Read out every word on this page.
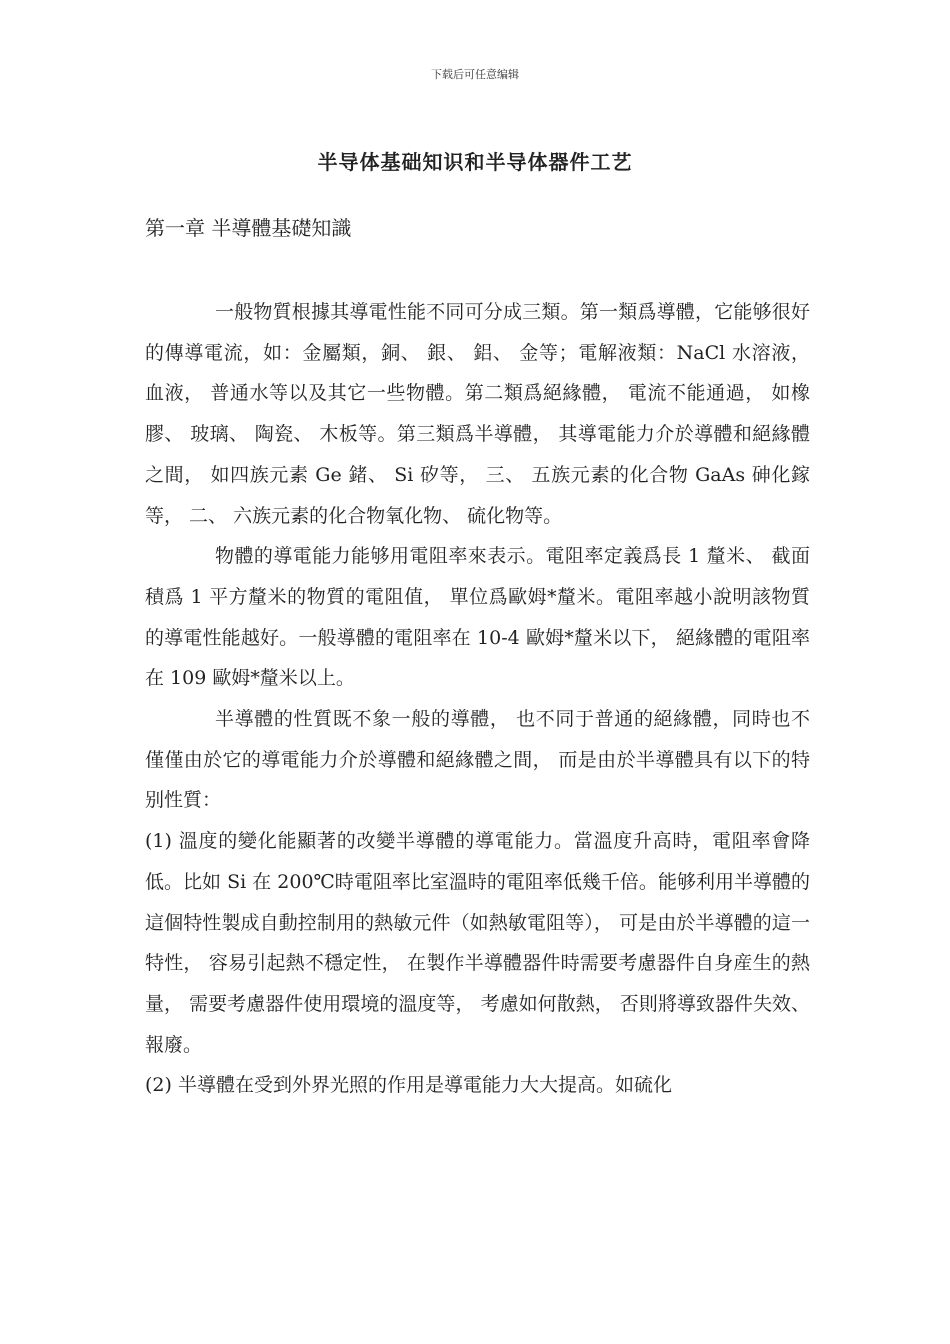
下载后可任意编辑
半导体基础知识和半导体器件工艺
第一章 半導體基礎知識

一般物質根據其導電性能不同可分成三類。第一類爲導體，它能够很好的傳導電流，如：金屬類，銅、 銀、 鋁、 金等；電解液類：NaCl 水溶液， 血液， 普通水等以及其它一些物體。第二類爲絕緣體， 電流不能通過， 如橡膠、 玻璃、 陶瓷、 木板等。第三類爲半導體， 其導電能力介於導體和絕緣體之間， 如四族元素 Ge 鍺、 Si 矽等， 三、 五族元素的化合物 GaAs 砷化鎵等， 二、 六族元素的化合物氧化物、 硫化物等。

物體的導電能力能够用電阻率來表示。電阻率定義爲長 1 釐米、 截面積爲 1 平方釐米的物質的電阻值， 單位爲歐姆*釐米。電阻率越小說明該物質的導電性能越好。一般導體的電阻率在 10-4 歐姆*釐米以下， 絕緣體的電阻率在 109 歐姆*釐米以上。

半導體的性質既不象一般的導體， 也不同于普通的絕緣體，同時也不僅僅由於它的導電能力介於導體和絕緣體之間， 而是由於半導體具有以下的特别性質：

(1) 溫度的變化能顯著的改變半導體的導電能力。當溫度升高時，電阻率會降低。比如 Si 在 200℃時電阻率比室溫時的電阻率低幾千倍。能够利用半導體的這個特性製成自動控制用的熱敏元件（如熱敏電阻等）， 可是由於半導體的這一特性， 容易引起熱不穩定性， 在製作半導體器件時需要考慮器件自身産生的熱量， 需要考慮器件使用環境的溫度等， 考慮如何散熱， 否則將導致器件失效、 報廢。

(2) 半導體在受到外界光照的作用是導電能力大大提高。如硫化
